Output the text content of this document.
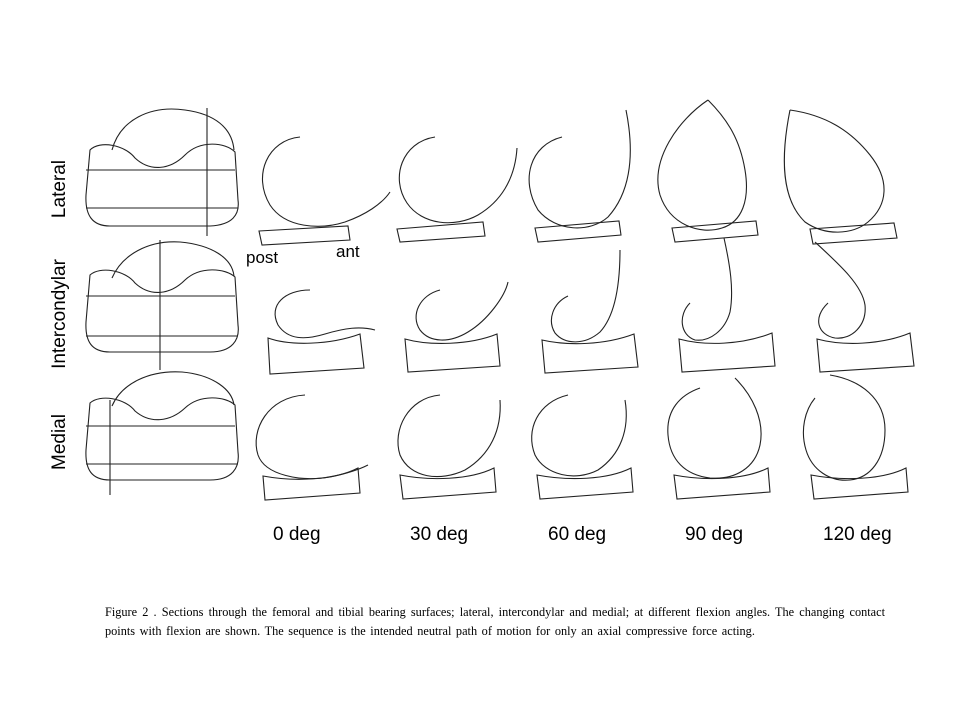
Lateral
Intercondylar
Medial
post	ant
0 deg	30 deg	60 deg	90 deg	120 deg
Figure 2 . Sections through the femoral and tibial bearing surfaces; lateral, intercondylar and medial; at different flexion angles. The changing contact points with flexion are shown. The sequence is the intended neutral path of motion for only an axial compressive force acting.
